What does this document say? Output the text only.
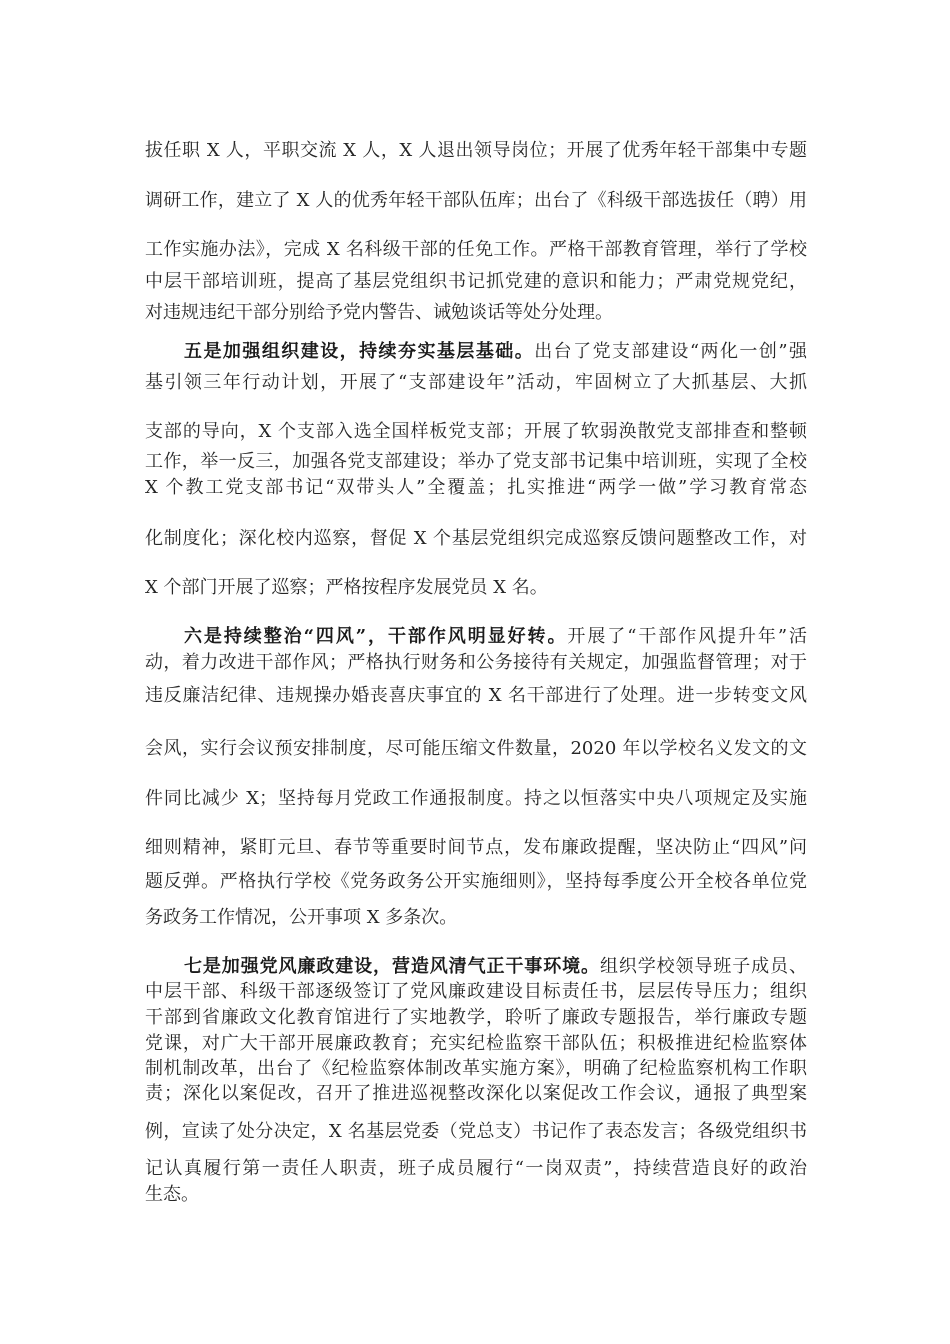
拔任职 X 人，平职交流 X 人，X 人退出领导岗位；开展了优秀年轻干部集中专题
调研工作，建立了 X 人的优秀年轻干部队伍库；出台了《科级干部选拔任（聘）用
工作实施办法》，完成 X 名科级干部的任免工作。严格干部教育管理，举行了学校
中层干部培训班，提高了基层党组织书记抓党建的意识和能力；严肃党规党纪，
对违规违纪干部分别给予党内警告、诫勉谈话等处分处理。
五是加强组织建设，持续夯实基层基础。出台了党支部建设“两化一创”强
基引领三年行动计划，开展了“支部建设年”活动，牢固树立了大抓基层、大抓
支部的导向，X 个支部入选全国样板党支部；开展了软弱涣散党支部排查和整顿
工作，举一反三，加强各党支部建设；举办了党支部书记集中培训班，实现了全校
X 个教工党支部书记“双带头人”全覆盖；扎实推进“两学一做”学习教育常态
化制度化；深化校内巡察，督促 X 个基层党组织完成巡察反馈问题整改工作，对
X 个部门开展了巡察；严格按程序发展党员 X 名。
六是持续整治“四风”，干部作风明显好转。开展了“干部作风提升年”活
动，着力改进干部作风；严格执行财务和公务接待有关规定，加强监督管理；对于
违反廉洁纪律、违规操办婚丧喜庆事宜的 X 名干部进行了处理。进一步转变文风
会风，实行会议预安排制度，尽可能压缩文件数量，2020 年以学校名义发文的文
件同比减少 X；坚持每月党政工作通报制度。持之以恒落实中央八项规定及实施
细则精神，紧盯元旦、春节等重要时间节点，发布廉政提醒，坚决防止“四风”问
题反弹。严格执行学校《党务政务公开实施细则》，坚持每季度公开全校各单位党
务政务工作情况，公开事项 X 多条次。
七是加强党风廉政建设，营造风清气正干事环境。组织学校领导班子成员、
中层干部、科级干部逐级签订了党风廉政建设目标责任书，层层传导压力；组织
干部到省廉政文化教育馆进行了实地教学，聆听了廉政专题报告，举行廉政专题
党课，对广大干部开展廉政教育；充实纪检监察干部队伍；积极推进纪检监察体
制机制改革，出台了《纪检监察体制改革实施方案》，明确了纪检监察机构工作职
责；深化以案促改，召开了推进巡视整改深化以案促改工作会议，通报了典型案
例，宣读了处分决定，X 名基层党委（党总支）书记作了表态发言；各级党组织书
记认真履行第一责任人职责，班子成员履行“一岗双责”，持续营造良好的政治
生态。
